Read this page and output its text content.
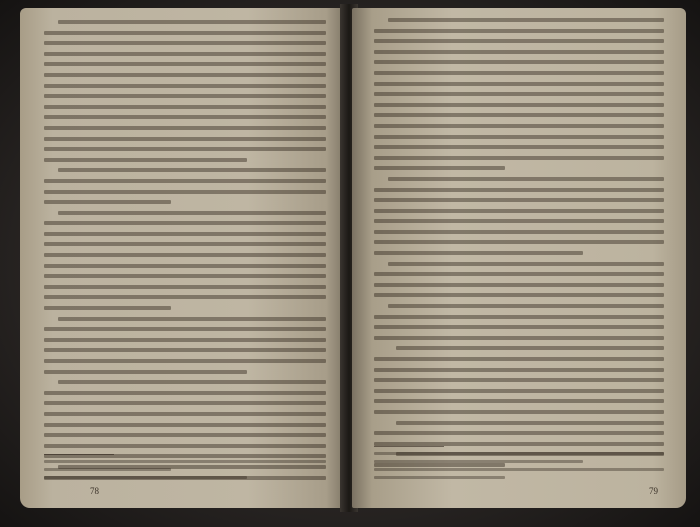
78	79
